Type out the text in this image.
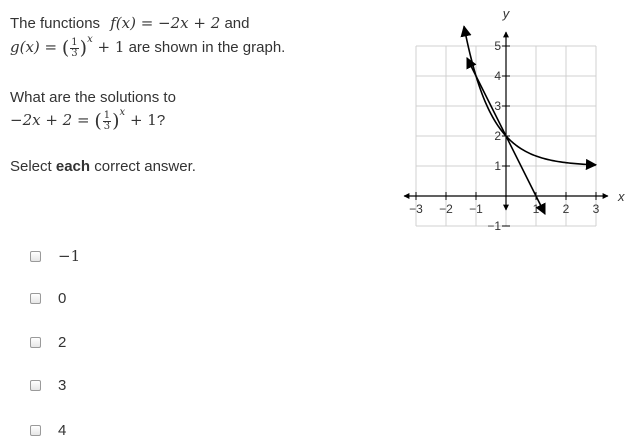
The functions f(x) = −2x + 2 and
g(x) = ( $\frac{1}{3} )^x + 1$ are shown in the graph.
What are the solutions to
−2x + 2 = ( $\frac{1}{3} )^x + 1$?
Select each correct answer.
−1
0
2
3
4
−3 −2 −1	1 2 3
5
4
3
2
1
−1
x
y
